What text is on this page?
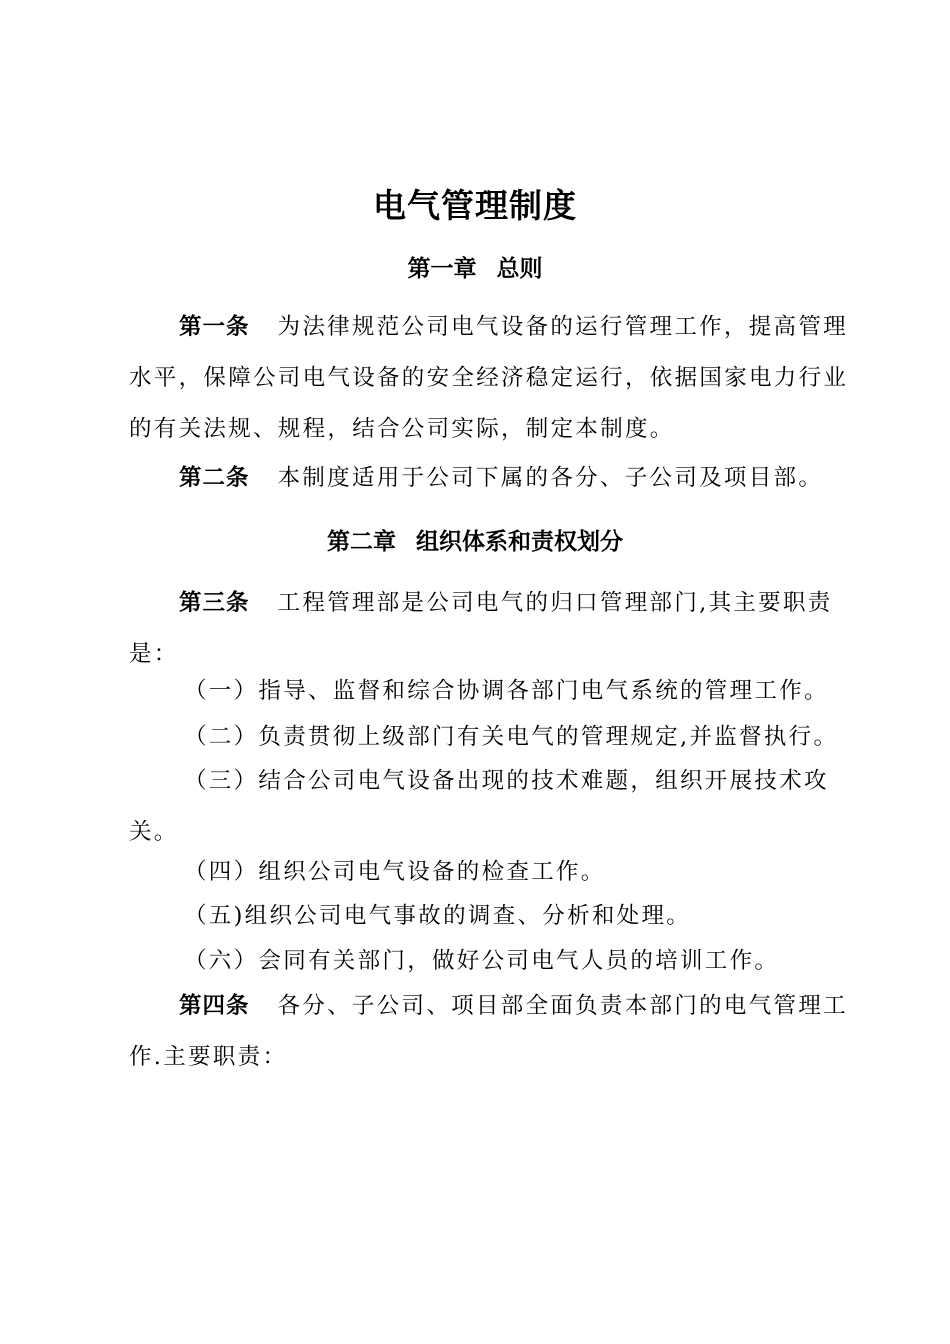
电气管理制度
第一章 总则
第一条 为法律规范公司电气设备的运行管理工作，提高管理水平，保障公司电气设备的安全经济稳定运行，依据国家电力行业的有关法规、规程，结合公司实际，制定本制度。
第二条 本制度适用于公司下属的各分、子公司及项目部。
第二章 组织体系和责权划分
第三条 工程管理部是公司电气的归口管理部门,其主要职责是：
（一）指导、监督和综合协调各部门电气系统的管理工作。
（二）负责贯彻上级部门有关电气的管理规定,并监督执行。
（三）结合公司电气设备出现的技术难题，组织开展技术攻关。
（四）组织公司电气设备的检查工作。
（五)组织公司电气事故的调查、分析和处理。
（六）会同有关部门，做好公司电气人员的培训工作。
第四条 各分、子公司、项目部全面负责本部门的电气管理工作.主要职责：
